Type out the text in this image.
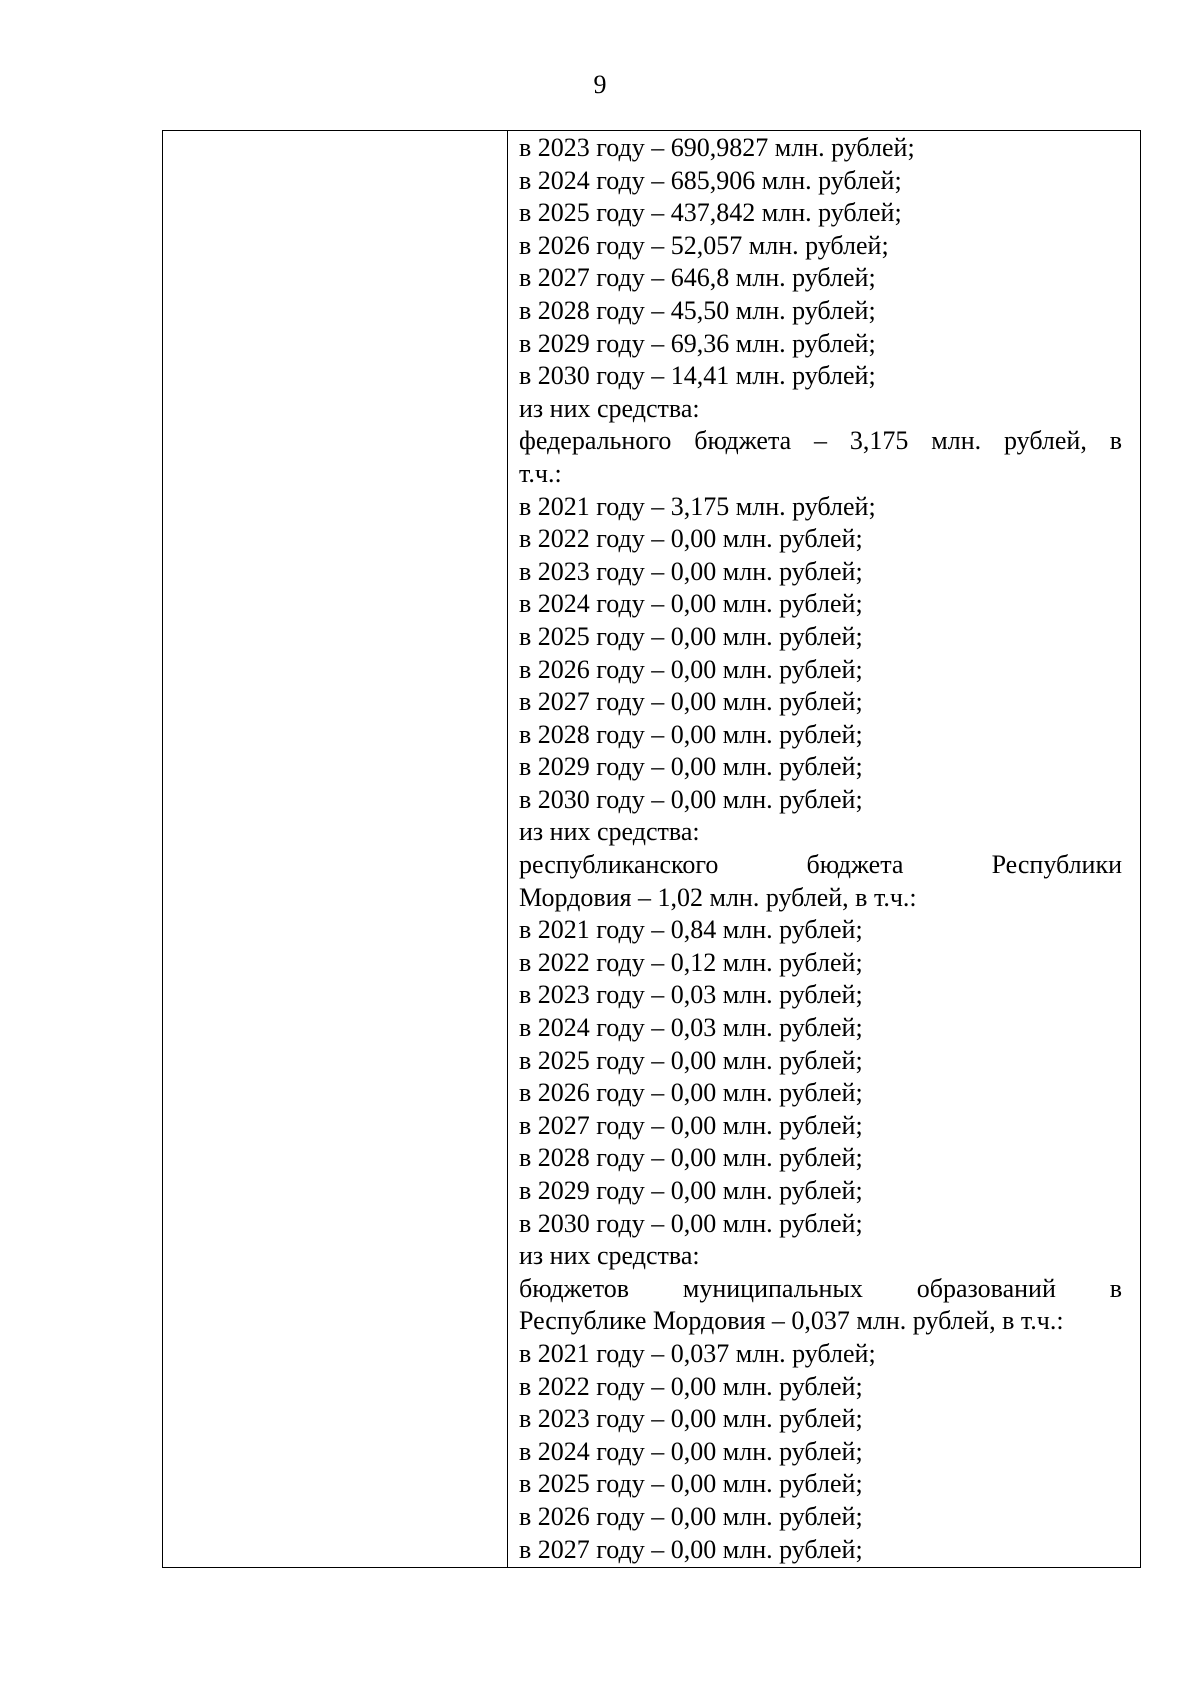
9
в 2023 году – 690,9827 млн. рублей;
в 2024 году – 685,906 млн. рублей;
в 2025 году – 437,842 млн. рублей;
в 2026 году – 52,057 млн. рублей;
в 2027 году – 646,8 млн. рублей;
в 2028 году – 45,50 млн. рублей;
в 2029 году – 69,36 млн. рублей;
в 2030 году – 14,41 млн. рублей;
из них средства:
федерального бюджета – 3,175 млн. рублей, в
т.ч.:
в 2021 году – 3,175 млн. рублей;
в 2022 году – 0,00 млн. рублей;
в 2023 году – 0,00 млн. рублей;
в 2024 году – 0,00 млн. рублей;
в 2025 году – 0,00 млн. рублей;
в 2026 году – 0,00 млн. рублей;
в 2027 году – 0,00 млн. рублей;
в 2028 году – 0,00 млн. рублей;
в 2029 году – 0,00 млн. рублей;
в 2030 году – 0,00 млн. рублей;
из них средства:
республиканского бюджета Республики
Мордовия – 1,02 млн. рублей, в т.ч.:
в 2021 году – 0,84 млн. рублей;
в 2022 году – 0,12 млн. рублей;
в 2023 году – 0,03 млн. рублей;
в 2024 году – 0,03 млн. рублей;
в 2025 году – 0,00 млн. рублей;
в 2026 году – 0,00 млн. рублей;
в 2027 году – 0,00 млн. рублей;
в 2028 году – 0,00 млн. рублей;
в 2029 году – 0,00 млн. рублей;
в 2030 году – 0,00 млн. рублей;
из них средства:
бюджетов муниципальных образований в
Республике Мордовия – 0,037 млн. рублей, в т.ч.:
в 2021 году – 0,037 млн. рублей;
в 2022 году – 0,00 млн. рублей;
в 2023 году – 0,00 млн. рублей;
в 2024 году – 0,00 млн. рублей;
в 2025 году – 0,00 млн. рублей;
в 2026 году – 0,00 млн. рублей;
в 2027 году – 0,00 млн. рублей;
